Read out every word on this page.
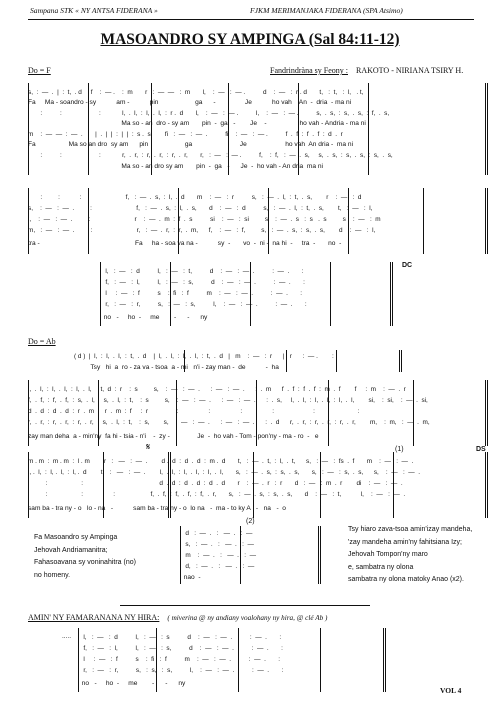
Sampana STK « NY ANTSA FIDERANA »	FJKM MERIMANJAKA FIDERANA (SPA Atsimo)
MASOANDRO SY AMPINGA (Sal 84:11-12)
Do = F	Fandrindràna sy Feony : RAKOTO - NIRIANA TSIRY H.
s,  :  —  .  |  :  t,  . d     f    :  — .    :  m       r   :  —  —   :  m       l,    :  —   :  — .          d    :  —   :  r . d       t,   :  t,   :  l,   . t,
Fa     Ma - soandro - sy           am -           pin                    ga      -                Je           ho vah    An  -  dria  - ma ni
:          :                     :            l,  .  l,  :  l,  .  l,  :  r .  d       l,    :  —   :  — .          l,    :  —   :  — .          s,  .  s,  :  s,  .  s,  :  f,  .  s,
Ma so - an  dro - sy am       pin  -  ga   -        Je    -                  ho vah - Andria - ma ni
m    :  —  —  :  —  .       |  .  |  |  :  |  |  :  s .  s        fi   :  —   :  —  .          fi    :  —   :  — .          f  .  f  :  f  .  f  :  d  .  r
Fa                  Ma so an dro  sy am      pin                    ga                          Je                     ho vah  An dria -  ma ni
:          :                     :            r,  .  r,  :  r,  .  r,  :  r,  .  r,       r,   :  —   :  — .          f,    :  f,   :  —  .  s,     s,  .  s,  :  s,  .  s,  :  s,  .  s,
Ma so - an dro sy am       pin  -  ga   -      Je  -  ho vah - An dria  ma ni
:         :           :                         f,   :  —  .  s,  :  l,  .  d       m    :  —   :  r          s,   :  —  .  l,  :  t,  .  s,        r    :  —   :  d
s,    :  —   :  —  .         :                         f,   :  —  .  s,  :  l,  .  s,       d    :  —   :  d          s,   :  —  .  l,  :  t,  .  s,        t,   :  —   :  l,
l,    :  —   :  —  .         :                         r    :  —  .  m  :  f  .  s          si    :  —   :  si         s    :  —  .  s   :  s   .  s         s    :  —   :  m
m,   :  —   :  —  .         :                         r,   :  —  .  r,  :  r,  .  m,      f,    :  —   :  f,         s,   :  —  .  s,  :  s,  .  s,        d    :  —   :  l,
tra -                                                    Fa     ha - soa va na -           sy  -       vo  -  ni -  na hi  -     tra  -       no  -
l,   :  —   :  d          l,   :  —   :  t,          d    :  —   :  —  .          :  —  .       :
f,   :  —   :  l,          l,   :  —   :  s,          d    :  —   :  —  .          :  —  .       :
l     :  —   :  f          s    :  fi   :  f          m    :  —   :  —  .          :  —  .       :
r,   :  —   :  r,          s,   :  —   :  s,          l,    :  —   :  —  .          :  —  .       :
no   -     ho  -     me        -      -      ny
DC
Do = Ab
( d )  |  l,  :  l,  .  l,  :  t,  .  d    |  l,  .  l,  :  l,  .  l,  :  t,  .  d   |   m    :  —   :  r      |   r      :  — .        :
Tsy   hi  a  ro - za va - tsoa  a - mi   n'i - zay man -  de           -  ha
l,  .  l,  :  l,  .  l,  :  l,  .  l,     t,  d  :  r    :  s         s,    :  —   :  —  .      :  —   :  —  .      :  .  m      f  .  f  :  f  .  f  :  m  .  f        f     :  m    :  —  .  r
f,  .  f,  :  f,  .  f,  :  s,  .  l,     s,  .  l,  :  t,    :  s         s,    :  —   :  —  .      :  —   :  —  .      :  .  s,     l,  .  l,  :  l,  .  l,  :  l,  .  l,        si,    :  si,    :  —  .  si,
d  .  d  :  d  .  d  :  r  .  m      r  .  m  :  f     :  r                :                 :                 :                 :                      :                        :
r,  .  r,  :  r,  .  r,  :  r,  .  r,     s,  .  l,  :  t,    :  s,        s,    :  —   :  —  .      :  —   :  —  .      :  .  d      r,  .  r,  :  r,  .  r,  :  r,  .  r,        m,    :  m,   :  —  .  m,
zay man deha  a - min'ny  fa hi - tsia - n'i    -  zy -               Je  -  ho vah - Tom - pon'ny - ma - ro  -   e
𝄋	(1)	DS
m . m  :  m . m  :  l . m        r   :   —   :  —  .        d .  d  :  d  .  d  :  m .  d       t,   :  —  .  t,  :  l,  .  t,      s,   :  —   :  fs  .  f       m    :  —   :  —  .
l, .  l,  :  l, .  l,  :  l, .  d        t,   :   —   :  —  .        l,  .  l,  :  l,  .  l,  :  l,  .  l,       s,   :  —  .  s,  :  s,  .  s,       s,   :  —   :  s,  .  s,      s,    :  —   :  —  .
:                   :                                           d  .  d  :  d  .  d  :  d  .  d       r    :  —  .  r   :  r       d   :  —   :  m  .  r        di    :  —   :  —  .
:                   :                 :                    f,  .  f,  :  f,  .  f,  :  f,  .  r,       s,   :  —  .  s,  :  s,  .  s,       d    :  —   :  t,           l,    :  —   :  —  .
sam ba - tra ny - o   lo - na   -           sam ba - tra ny - o  lo na   -  ma - to ky A   -   na   -  o
(2)
d   :  —  .   :   —  .   :  —
s,   :  —  .   :   —  .   :  —
m    :  —  .   :   —  .   :  —
d,   :  —  .   :   —  .   :  —
nao  -
Fa Masoandro sy Ampinga
Jehovah Andriamanitra;
Fahasoavana sy voninahitra (no)
no homeny.
Tsy hiaro zava-tsoa amin'izay mandeha,
'zay mandeha amin'ny fahitsiana Izy;
Jehovah Tompon'ny maro
e, sambatra ny olona
sambatra ny olona matoky Anao (x2).
AMIN' NY FAMARANANA NY HIRA: ( miverina @ ny andiany voalohany ny hira, @ clé Ab )
..... l,   :  —   :  d          l,   :  —   :  s          d    :  —   :  —  .          :  —  .       :
f,   :  —   :  l,          l,   :  —   :  s,          d    :  —   :  —  .          :  —  .       :
l     :  —   :  f          s    :  fi   :  f          m    :  —   :  —  .          :  —  .       :
r,   :  —   :  r,          s,   :  s,   :  s,          l,    :  —   :  —  .          :  —  .       :
no   -     ho  -     me        -      -      ny
VOL 4
